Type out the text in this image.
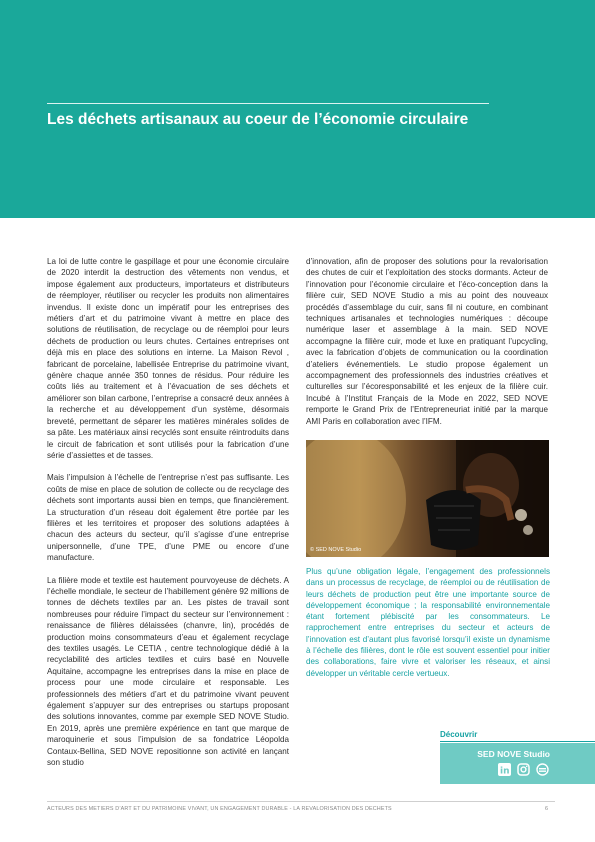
Les déchets artisanaux au coeur de l’économie circulaire

La loi de lutte contre le gaspillage et pour une économie circulaire de 2020 interdit la destruction des vêtements non vendus, et impose également aux producteurs, importateurs et distributeurs de réemployer, réutiliser ou recycler les produits non alimentaires invendus. Il existe donc un impératif pour les entreprises des métiers d’art et du patrimoine vivant à mettre en place des solutions de réutilisation, de recyclage ou de réemploi pour leurs déchets de production ou leurs chutes. Certaines entreprises ont déjà mis en place des solutions en interne. La Maison Revol , fabricant de porcelaine, labellisée Entreprise du patrimoine vivant, génère chaque année 350 tonnes de résidus. Pour réduire les coûts liés au traitement et à l’évacuation de ses déchets et améliorer son bilan carbone, l’entreprise a consacré deux années à la recherche et au développement d’un système, désormais breveté, permettant de séparer les matières minérales solides de sa pâte. Les matériaux ainsi recyclés sont ensuite réintroduits dans le circuit de fabrication et sont utilisés pour la fabrication d’une série d’assiettes et de tasses.

Mais l’impulsion à l’échelle de l’entreprise n’est pas suffisante. Les coûts de mise en place de solution de collecte ou de recyclage des déchets sont importants aussi bien en temps, que financièrement. La structuration d’un réseau doit également être portée par les filières et les territoires et proposer des solutions adaptées à chacun des acteurs du secteur, qu’il s’agisse d’une entreprise unipersonnelle, d’une TPE, d’une PME ou encore d’une manufacture.

La filière mode et textile est hautement pourvoyeuse de déchets. A l’échelle mondiale, le secteur de l’habillement génère 92 millions de tonnes de déchets textiles par an. Les pistes de travail sont nombreuses pour réduire l’impact du secteur sur l’environnement : renaissance de filières délaissées (chanvre, lin), procédés de production moins consommateurs d’eau et également recyclage des textiles usagés. Le CETIA , centre technologique dédié à la recyclabilité des articles textiles et cuirs basé en Nouvelle Aquitaine, accompagne les entreprises dans la mise en place de process pour une mode circulaire et responsable. Les professionnels des métiers d’art et du patrimoine vivant peuvent également s’appuyer sur des entreprises ou startups proposant des solutions innovantes, comme par exemple SED NOVE Studio. En 2019, après une première expérience en tant que marque de maroquinerie et sous l’impulsion de sa fondatrice Léopolda Contaux-Bellina, SED NOVE repositionne son activité en lançant son studio

d’innovation, afin de proposer des solutions pour la revalorisation des chutes de cuir et l’exploitation des stocks dormants. Acteur de l’innovation pour l’économie circulaire et l’éco-conception dans la filière cuir, SED NOVE Studio a mis au point des nouveaux procédés d’assemblage du cuir, sans fil ni couture, en combinant techniques artisanales et technologies numériques : découpe numérique laser et assemblage à la main. SED NOVE accompagne la filière cuir, mode et luxe en pratiquant l’upcycling, avec la fabrication d’objets de communication ou la coordination d’ateliers événementiels. Le studio propose également un accompagnement des professionnels des industries créatives et culturelles sur l’écoresponsabilité et les enjeux de la filière cuir. Incubé à l’Institut Français de la Mode en 2022, SED NOVE remporte le Grand Prix de l’Entrepreneuriat initié par la marque AMI Paris en collaboration avec l’IFM.

© SED NOVE Studio

Plus qu’une obligation légale, l’engagement des professionnels dans un processus de recyclage, de réemploi ou de réutilisation de leurs déchets de production peut être une importante source de développement économique ; la responsabilité environnementale étant fortement plébiscité par les consommateurs. Le rapprochement entre entreprises du secteur et acteurs de l’innovation est d’autant plus favorisé lorsqu’il existe un dynamisme à l’échelle des filières, dont le rôle est souvent essentiel pour initier des collaborations, faire vivre et valoriser les réseaux, et ainsi développer un véritable cercle vertueux.

Découvrir
SED NOVE Studio
in
ACTEURS DES METIERS D’ART ET DU PATRIMOINE VIVANT, UN ENGAGEMENT DURABLE - LA REVALORISATION DES DECHETS	6
